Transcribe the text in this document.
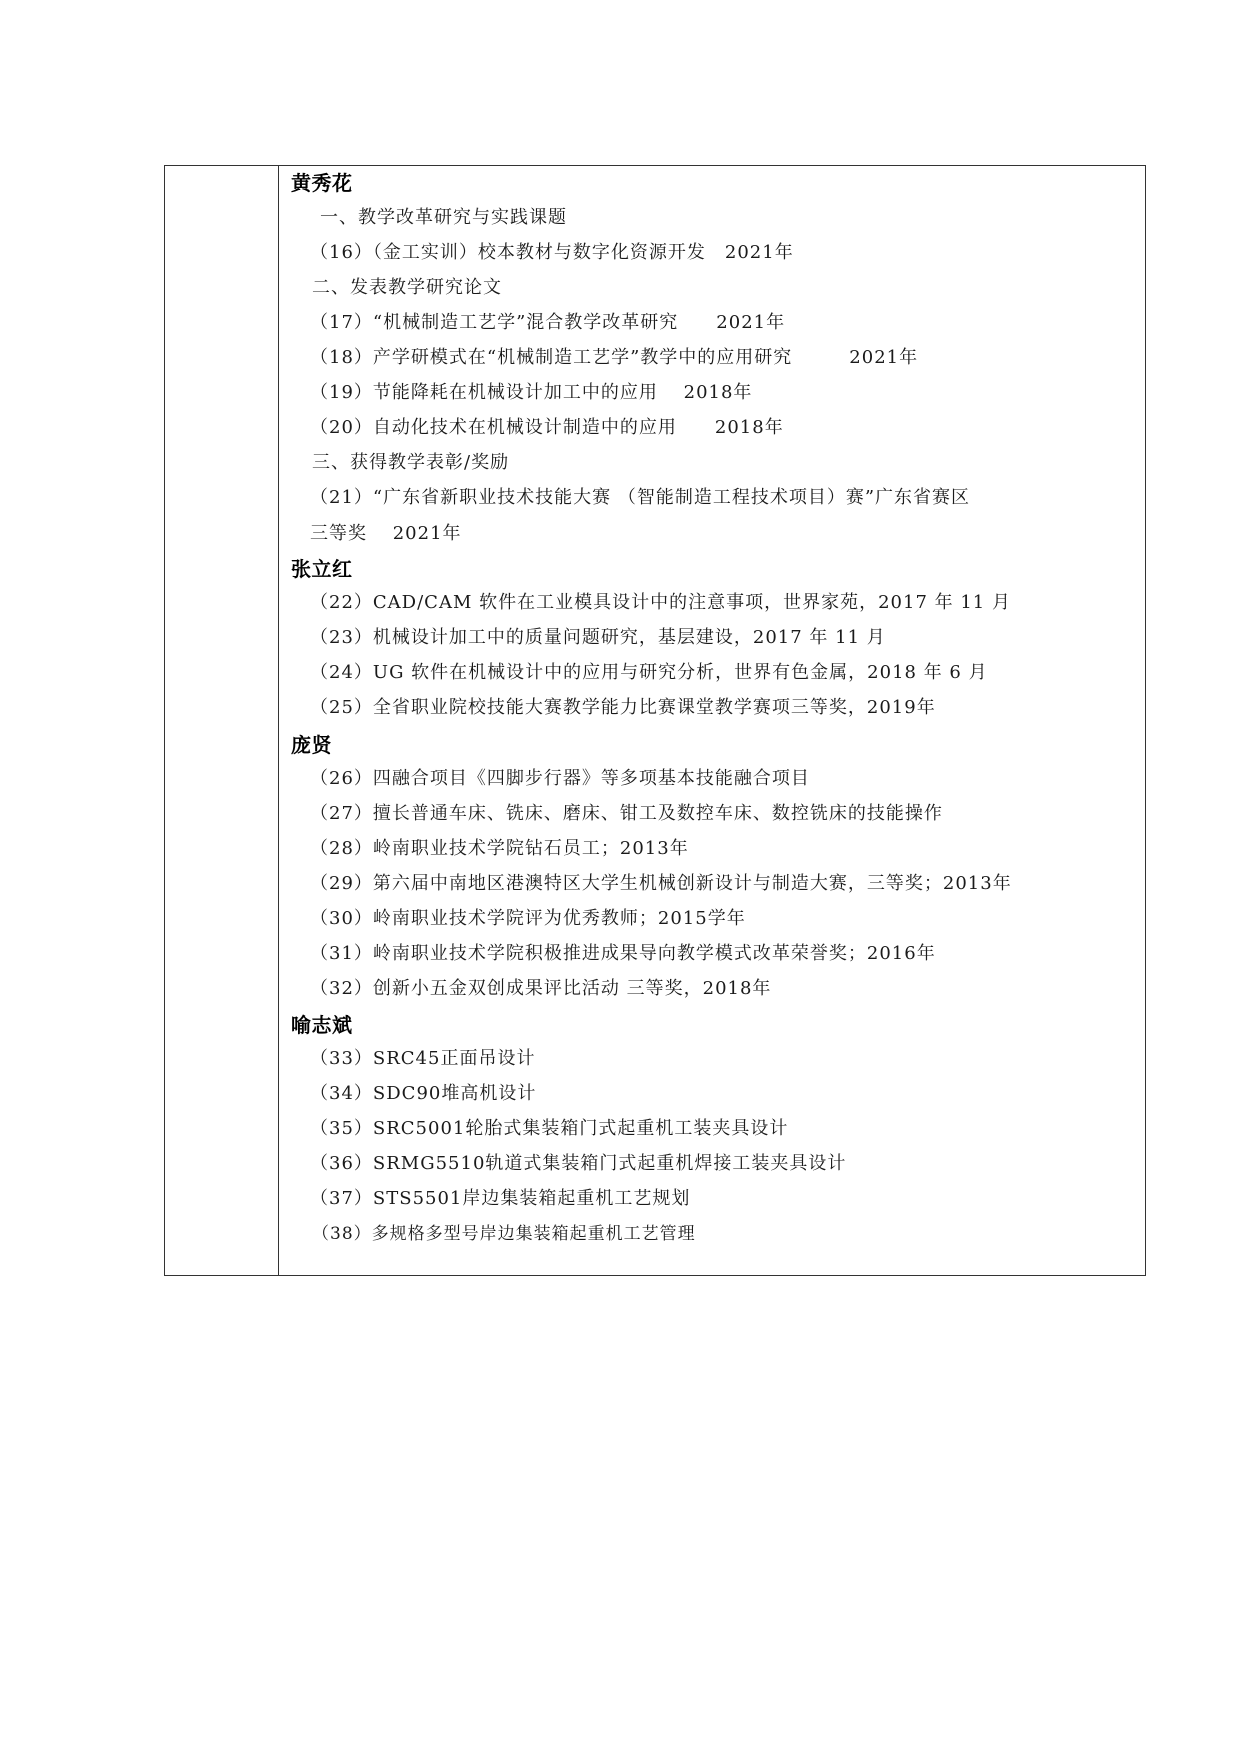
黄秀花
一、教学改革研究与实践课题
（16）（金工实训）校本教材与数字化资源开发　2021年
二、发表教学研究论文
（17）“机械制造工艺学”混合教学改革研究　　2021年
（18）产学研模式在“机械制造工艺学”教学中的应用研究　　　2021年
（19）节能降耗在机械设计加工中的应用　 2018年
（20）自动化技术在机械设计制造中的应用　　2018年
三、获得教学表彰/奖励
（21）“广东省新职业技术技能大赛 （智能制造工程技术项目）赛”广东省赛区
三等奖　 2021年
张立红
（22）CAD/CAM 软件在工业模具设计中的注意事项，世界家苑，2017 年 11 月
（23）机械设计加工中的质量问题研究，基层建设，2017 年 11 月
（24）UG 软件在机械设计中的应用与研究分析，世界有色金属，2018 年 6 月
（25）全省职业院校技能大赛教学能力比赛课堂教学赛项三等奖，2019年
庞贤
（26）四融合项目《四脚步行器》等多项基本技能融合项目
（27）擅长普通车床、铣床、磨床、钳工及数控车床、数控铣床的技能操作
（28）岭南职业技术学院钻石员工；2013年
（29）第六届中南地区港澳特区大学生机械创新设计与制造大赛，三等奖；2013年
（30）岭南职业技术学院评为优秀教师；2015学年
（31）岭南职业技术学院积极推进成果导向教学模式改革荣誉奖；2016年
（32）创新小五金双创成果评比活动 三等奖，2018年
喻志斌
（33）SRC45正面吊设计
（34）SDC90堆高机设计
（35）SRC5001轮胎式集装箱门式起重机工装夹具设计
（36）SRMG5510轨道式集装箱门式起重机焊接工装夹具设计
（37）STS5501岸边集装箱起重机工艺规划
（38）多规格多型号岸边集装箱起重机工艺管理
